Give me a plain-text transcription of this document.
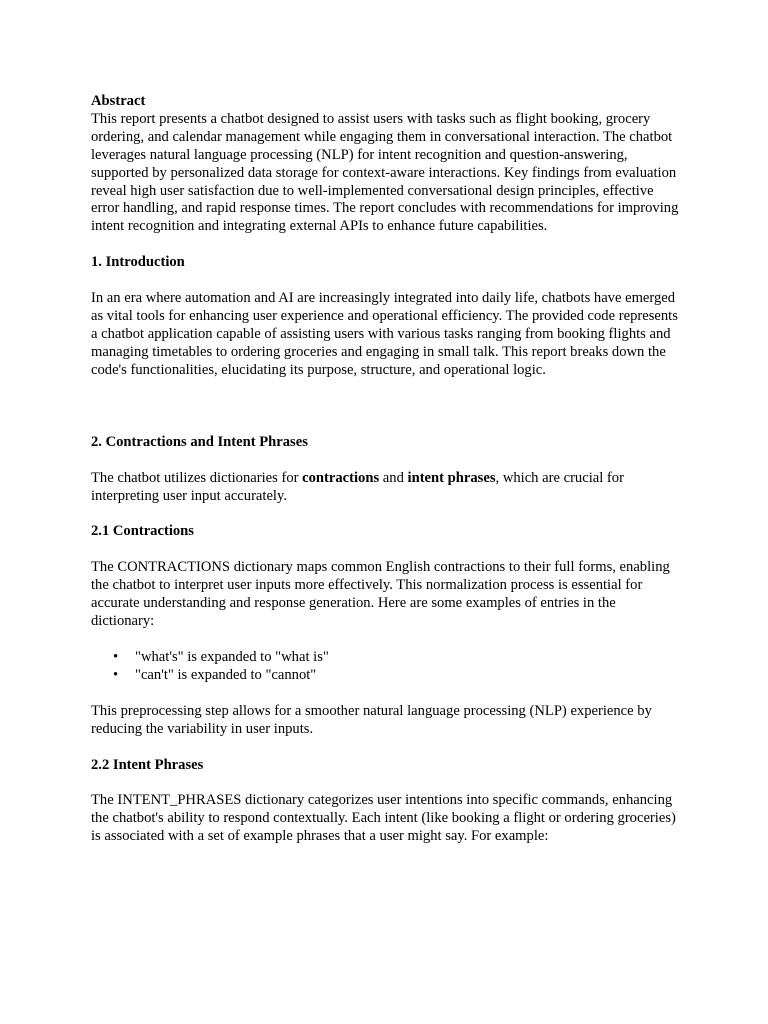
Abstract

This report presents a chatbot designed to assist users with tasks such as flight booking, grocery ordering, and calendar management while engaging them in conversational interaction. The chatbot leverages natural language processing (NLP) for intent recognition and question-answering, supported by personalized data storage for context-aware interactions. Key findings from evaluation reveal high user satisfaction due to well-implemented conversational design principles, effective error handling, and rapid response times. The report concludes with recommendations for improving intent recognition and integrating external APIs to enhance future capabilities.

1. Introduction

In an era where automation and AI are increasingly integrated into daily life, chatbots have emerged as vital tools for enhancing user experience and operational efficiency. The provided code represents a chatbot application capable of assisting users with various tasks ranging from booking flights and managing timetables to ordering groceries and engaging in small talk. This report breaks down the code's functionalities, elucidating its purpose, structure, and operational logic.

2. Contractions and Intent Phrases

The chatbot utilizes dictionaries for contractions and intent phrases, which are crucial for interpreting user input accurately.

2.1 Contractions

The CONTRACTIONS dictionary maps common English contractions to their full forms, enabling the chatbot to interpret user inputs more effectively. This normalization process is essential for accurate understanding and response generation. Here are some examples of entries in the dictionary:

• "what's" is expanded to "what is"
• "can't" is expanded to "cannot"

This preprocessing step allows for a smoother natural language processing (NLP) experience by reducing the variability in user inputs.

2.2 Intent Phrases

The INTENT_PHRASES dictionary categorizes user intentions into specific commands, enhancing the chatbot's ability to respond contextually. Each intent (like booking a flight or ordering groceries) is associated with a set of example phrases that a user might say. For example:
